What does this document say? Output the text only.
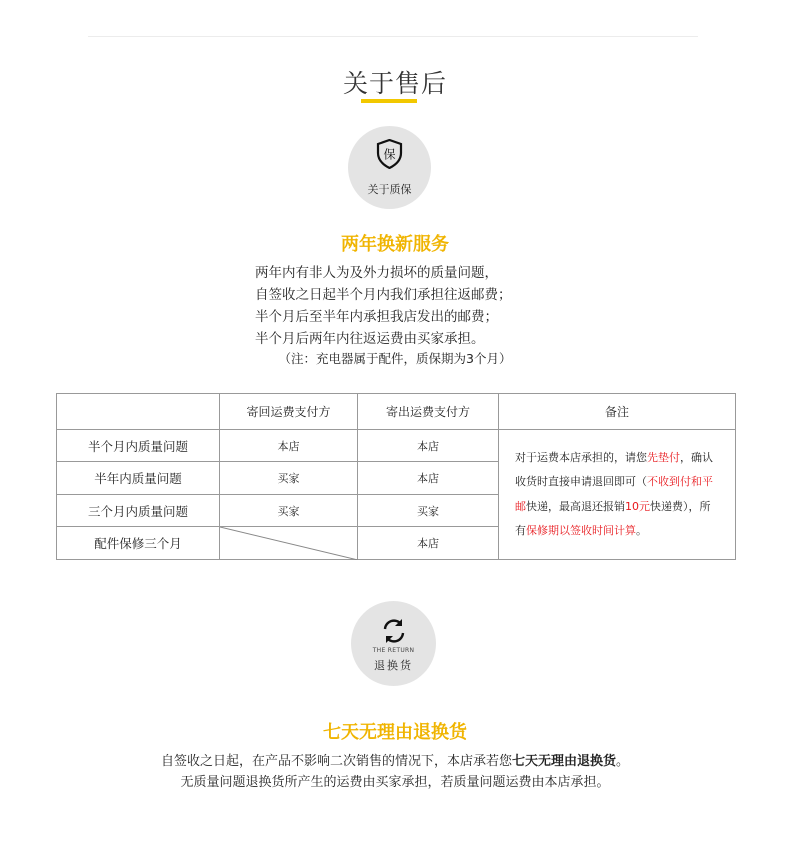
关于售后
保
关于质保
两年换新服务
两年内有非人为及外力损坏的质量问题，
自签收之日起半个月内我们承担往返邮费；
半个月后至半年内承担我店发出的邮费；
半个月后两年内往返运费由买家承担。
（注：充电器属于配件，质保期为3个月）
	寄回运费支付方	寄出运费支付方	备注
半个月内质量问题	本店	本店	对于运费本店承担的，请您先垫付，确认收货时直接申请退回即可（不收到付和平邮快递，最高退还报销10元快递费），所有保修期以签收时间计算。
半年内质量问题	买家	本店	
三个月内质量问题	买家	买家	
配件保修三个月		本店	
THE RETURN
退换货
七天无理由退换货
自签收之日起，在产品不影响二次销售的情况下，本店承若您七天无理由退换货。
无质量问题退换货所产生的运费由买家承担，若质量问题运费由本店承担。
